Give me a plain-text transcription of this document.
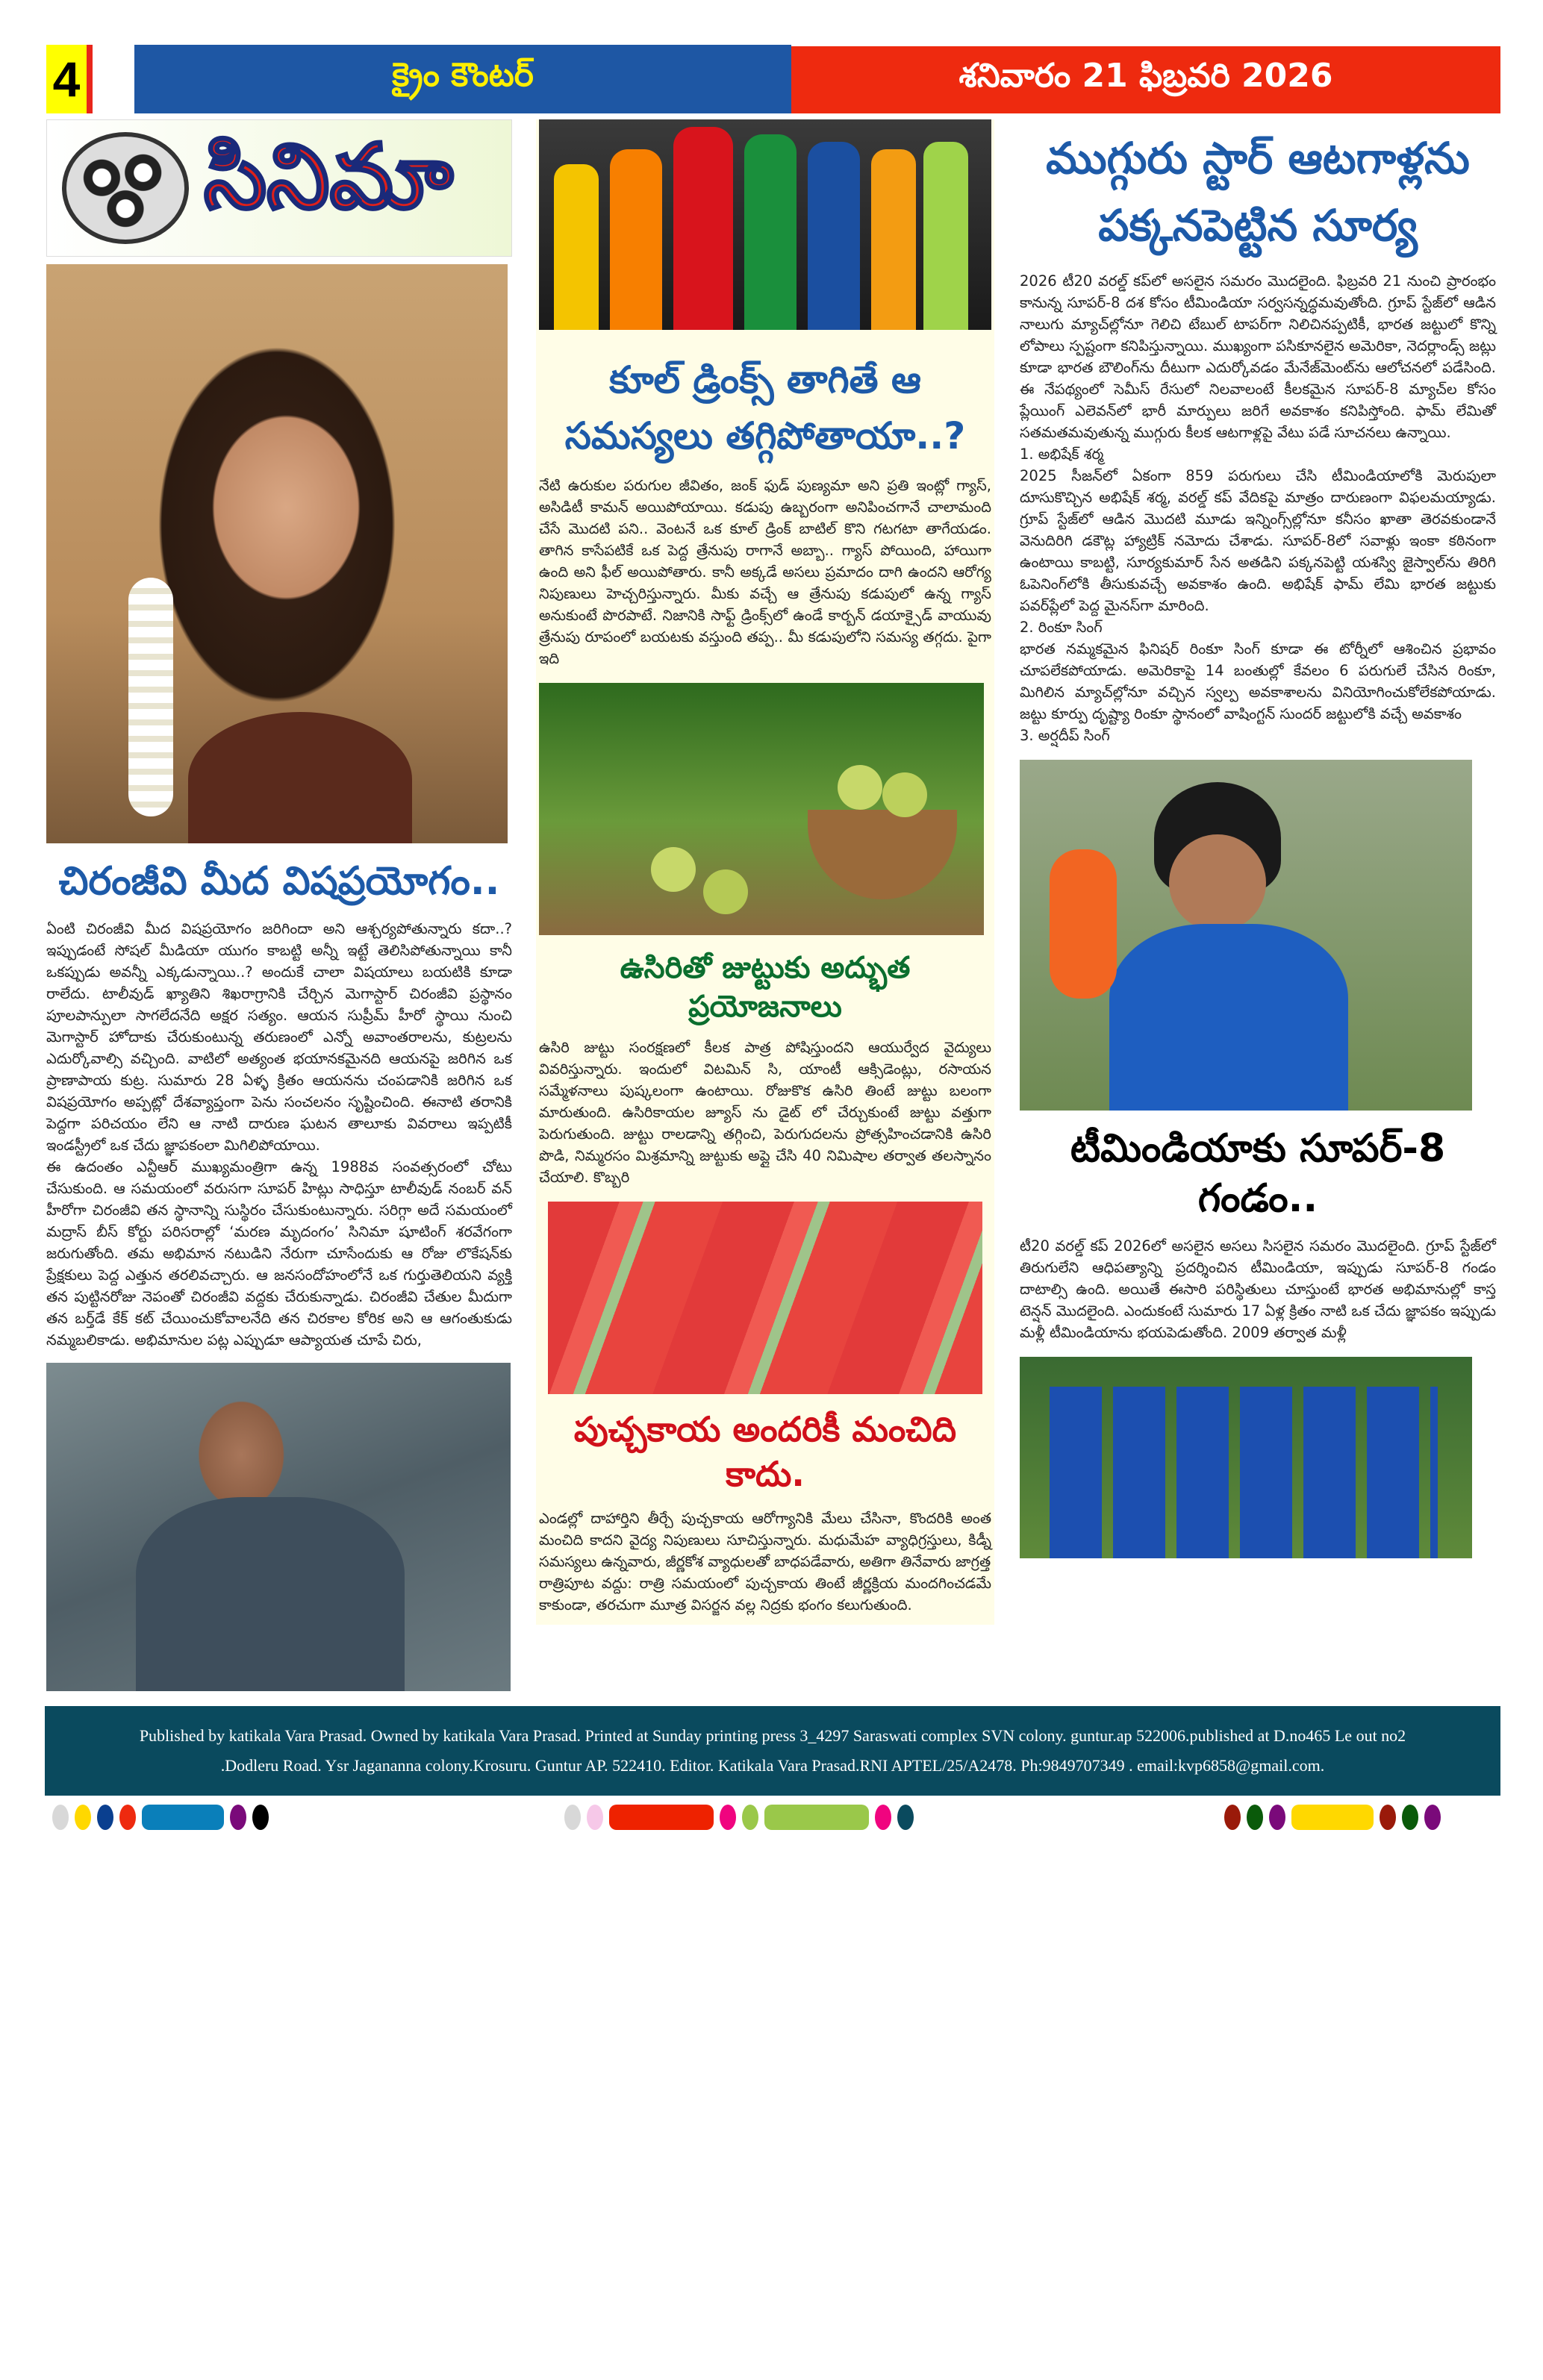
4	క్రైం కౌంటర్	శనివారం 21 ఫిబ్రవరి 2026
సినిమా
చిరంజీవి మీద విషప్రయోగం..

ఏంటి చిరంజీవి మీద విషప్రయోగం జరిగిందా అని ఆశ్చర్యపోతున్నారు కదా..? ఇప్పుడంటే సోషల్ మీడియా యుగం కాబట్టి అన్నీ ఇట్టే తెలిసిపోతున్నాయి కానీ ఒకప్పుడు అవన్నీ ఎక్కడున్నాయి..? అందుకే చాలా విషయాలు బయటికి కూడా రాలేదు. టాలీవుడ్ ఖ్యాతిని శిఖరాగ్రానికి చేర్చిన మెగాస్టార్ చిరంజీవి ప్రస్థానం పూలపాన్పులా సాగలేదనేది అక్షర సత్యం. ఆయన సుప్రీమ్ హీరో స్థాయి నుంచి మెగాస్టార్ హోదాకు చేరుకుంటున్న తరుణంలో ఎన్నో అవాంతరాలను, కుట్రలను ఎదుర్కోవాల్సి వచ్చింది. వాటిలో అత్యంత భయానకమైనది ఆయనపై జరిగిన ఒక ప్రాణాపాయ కుట్ర. సుమారు 28 ఏళ్ళ క్రితం ఆయనను చంపడానికి జరిగిన ఒక విషప్రయోగం అప్పట్లో దేశవ్యాప్తంగా పెను సంచలనం సృష్టించింది. ఈనాటి తరానికి పెద్దగా పరిచయం లేని ఆ నాటి దారుణ ఘటన తాలూకు వివరాలు ఇప్పటికీ ఇండస్ట్రీలో ఒక చేదు జ్ఞాపకంలా మిగిలిపోయాయి.

ఈ ఉదంతం ఎన్టీఆర్ ముఖ్యమంత్రిగా ఉన్న 1988వ సంవత్సరంలో చోటు చేసుకుంది. ఆ సమయంలో వరుసగా సూపర్ హిట్లు సాధిస్తూ టాలీవుడ్ నంబర్ వన్ హీరోగా చిరంజీవి తన స్థానాన్ని సుస్థిరం చేసుకుంటున్నారు. సరిగ్గా అదే సమయంలో మద్రాస్ బీస్ కోర్టు పరిసరాల్లో ‘మరణ మృదంగం’ సినిమా షూటింగ్ శరవేగంగా జరుగుతోంది. తమ అభిమాన నటుడిని నేరుగా చూసేందుకు ఆ రోజు లొకేషన్‌కు ప్రేక్షకులు పెద్ద ఎత్తున తరలివచ్చారు. ఆ జనసందోహంలోనే ఒక గుర్తుతెలియని వ్యక్తి తన పుట్టినరోజు నెపంతో చిరంజీవి వద్దకు చేరుకున్నాడు. చిరంజీవి చేతుల మీదుగా తన బర్త్‌డే కేక్ కట్ చేయించుకోవాలనేది తన చిరకాల కోరిక అని ఆ ఆగంతుకుడు నమ్మబలికాడు. అభిమానుల పట్ల ఎప్పుడూ ఆప్యాయత చూపే చిరు,

కూల్ డ్రింక్స్ తాగితే ఆ సమస్యలు తగ్గిపోతాయా..?

నేటి ఉరుకుల పరుగుల జీవితం, జంక్ ఫుడ్ పుణ్యమా అని ప్రతి ఇంట్లో గ్యాస్, అసిడిటీ కామన్ అయిపోయాయి. కడుపు ఉబ్బరంగా అనిపించగానే చాలామంది చేసే మొదటి పని.. వెంటనే ఒక కూల్ డ్రింక్ బాటిల్ కొని గటగటా తాగేయడం. తాగిన కాసేపటికే ఒక పెద్ద త్రేనుపు రాగానే అబ్బా.. గ్యాస్ పోయింది, హాయిగా ఉంది అని ఫీల్ అయిపోతారు. కానీ అక్కడే అసలు ప్రమాదం దాగి ఉందని ఆరోగ్య నిపుణులు హెచ్చరిస్తున్నారు. మీకు వచ్చే ఆ త్రేనుపు కడుపులో ఉన్న గ్యాస్ అనుకుంటే పొరపాటే. నిజానికి సాఫ్ట్ డ్రింక్స్‌లో ఉండే కార్బన్ డయాక్సైడ్ వాయువు త్రేనుపు రూపంలో బయటకు వస్తుంది తప్ప.. మీ కడుపులోని సమస్య తగ్గదు. పైగా ఇది

ఉసిరితో జుట్టుకు అద్భుత ప్రయోజనాలు

ఉసిరి జుట్టు సంరక్షణలో కీలక పాత్ర పోషిస్తుందని ఆయుర్వేద వైద్యులు వివరిస్తున్నారు. ఇందులో విటమిన్ సి, యాంటీ ఆక్సిడెంట్లు, రసాయన సమ్మేళనాలు పుష్కలంగా ఉంటాయి. రోజుకొక ఉసిరి తింటే జుట్టు బలంగా మారుతుంది. ఉసిరికాయల జ్యూస్ ను డైట్ లో చేర్చుకుంటే జుట్టు వత్తుగా పెరుగుతుంది. జుట్టు రాలడాన్ని తగ్గించి, పెరుగుదలను ప్రోత్సహించడానికి ఉసిరి పొడి, నిమ్మరసం మిశ్రమాన్ని జుట్టుకు అప్లై చేసి 40 నిమిషాల తర్వాత తలస్నానం చేయాలి. కొబ్బరి

పుచ్చకాయ అందరికీ మంచిది కాదు.

ఎండల్లో దాహార్తిని తీర్చే పుచ్చకాయ ఆరోగ్యానికి మేలు చేసినా, కొందరికి అంత మంచిది కాదని వైద్య నిపుణులు సూచిస్తున్నారు. మధుమేహ వ్యాధిగ్రస్తులు, కిడ్నీ సమస్యలు ఉన్నవారు, జీర్ణకోశ వ్యాధులతో బాధపడేవారు, అతిగా తినేవారు జాగ్రత్త

రాత్రిపూట వద్దు: రాత్రి సమయంలో పుచ్చకాయ తింటే జీర్ణక్రియ మందగించడమే కాకుండా, తరచుగా మూత్ర విసర్జన వల్ల నిద్రకు భంగం కలుగుతుంది.

ముగ్గురు స్టార్ ఆటగాళ్లను పక్కనపెట్టిన సూర్య

2026 టీ20 వరల్డ్ కప్‌లో అసలైన సమరం మొదలైంది. ఫిబ్రవరి 21 నుంచి ప్రారంభం కానున్న సూపర్-8 దశ కోసం టీమిండియా సర్వసన్నద్ధమవుతోంది. గ్రూప్ స్టేజ్‌లో ఆడిన నాలుగు మ్యాచ్‌ల్లోనూ గెలిచి టేబుల్ టాపర్‌గా నిలిచినప్పటికీ, భారత జట్టులో కొన్ని లోపాలు స్పష్టంగా కనిపిస్తున్నాయి. ముఖ్యంగా పసికూనలైన అమెరికా, నెదర్లాండ్స్ జట్లు కూడా భారత బౌలింగ్‌ను దీటుగా ఎదుర్కోవడం మేనేజ్‌మెంట్‌ను ఆలోచనలో పడేసింది. ఈ నేపథ్యంలో సెమీస్ రేసులో నిలవాలంటే కీలకమైన సూపర్-8 మ్యాచ్‌ల కోసం ప్లేయింగ్ ఎలెవన్‌లో భారీ మార్పులు జరిగే అవకాశం కనిపిస్తోంది. ఫామ్ లేమితో సతమతమవుతున్న ముగ్గురు కీలక ఆటగాళ్లపై వేటు పడే సూచనలు ఉన్నాయి.

1. అభిషేక్ శర్మ

2025 సీజన్‌లో ఏకంగా 859 పరుగులు చేసి టీమిండియాలోకి మెరుపులా దూసుకొచ్చిన అభిషేక్ శర్మ, వరల్డ్ కప్ వేదికపై మాత్రం దారుణంగా విఫలమయ్యాడు. గ్రూప్ స్టేజ్‌లో ఆడిన మొదటి మూడు ఇన్నింగ్స్‌ల్లోనూ కనీసం ఖాతా తెరవకుండానే వెనుదిరిగి డకౌట్ల హ్యాట్రిక్ నమోదు చేశాడు. సూపర్-8లో సవాళ్లు ఇంకా కఠినంగా ఉంటాయి కాబట్టి, సూర్యకుమార్ సేన అతడిని పక్కనపెట్టి యశస్వి జైస్వాల్‌ను తిరిగి ఓపెనింగ్‌లోకి తీసుకువచ్చే అవకాశం ఉంది. అభిషేక్ ఫామ్ లేమి భారత జట్టుకు పవర్‌ప్లేలో పెద్ద మైనస్‌గా మారింది.

2. రింకూ సింగ్

భారత నమ్మకమైన ఫినిషర్ రింకూ సింగ్ కూడా ఈ టోర్నీలో ఆశించిన ప్రభావం చూపలేకపోయాడు. అమెరికాపై 14 బంతుల్లో కేవలం 6 పరుగులే చేసిన రింకూ, మిగిలిన మ్యాచ్‌ల్లోనూ వచ్చిన స్వల్ప అవకాశాలను వినియోగించుకోలేకపోయాడు. జట్టు కూర్పు దృష్ట్యా రింకూ స్థానంలో వాషింగ్టన్ సుందర్ జట్టులోకి వచ్చే అవకాశం

3. అర్షదీప్ సింగ్

టీమిండియాకు సూపర్-8 గండం..

టీ20 వరల్డ్ కప్ 2026లో అసలైన అసలు సిసలైన సమరం మొదలైంది. గ్రూప్ స్టేజ్‌లో తిరుగులేని ఆధిపత్యాన్ని ప్రదర్శించిన టీమిండియా, ఇప్పుడు సూపర్-8 గండం దాటాల్సి ఉంది. అయితే ఈసారి పరిస్థితులు చూస్తుంటే భారత అభిమానుల్లో కాస్త టెన్షన్ మొదలైంది. ఎందుకంటే సుమారు 17 ఏళ్ల క్రితం నాటి ఒక చేదు జ్ఞాపకం ఇప్పుడు మళ్లీ టీమిండియాను భయపెడుతోంది. 2009 తర్వాత మళ్లీ

Published by katikala Vara Prasad. Owned by katikala Vara Prasad. Printed at Sunday printing press 3_4297 Saraswati complex SVN colony. guntur.ap 522006.published at D.no465 Le out no2
.Dodleru Road. Ysr Jagananna colony.Krosuru. Guntur AP. 522410. Editor. Katikala Vara Prasad.RNI APTEL/25/A2478. Ph:9849707349 . email:kvp6858@gmail.com.
